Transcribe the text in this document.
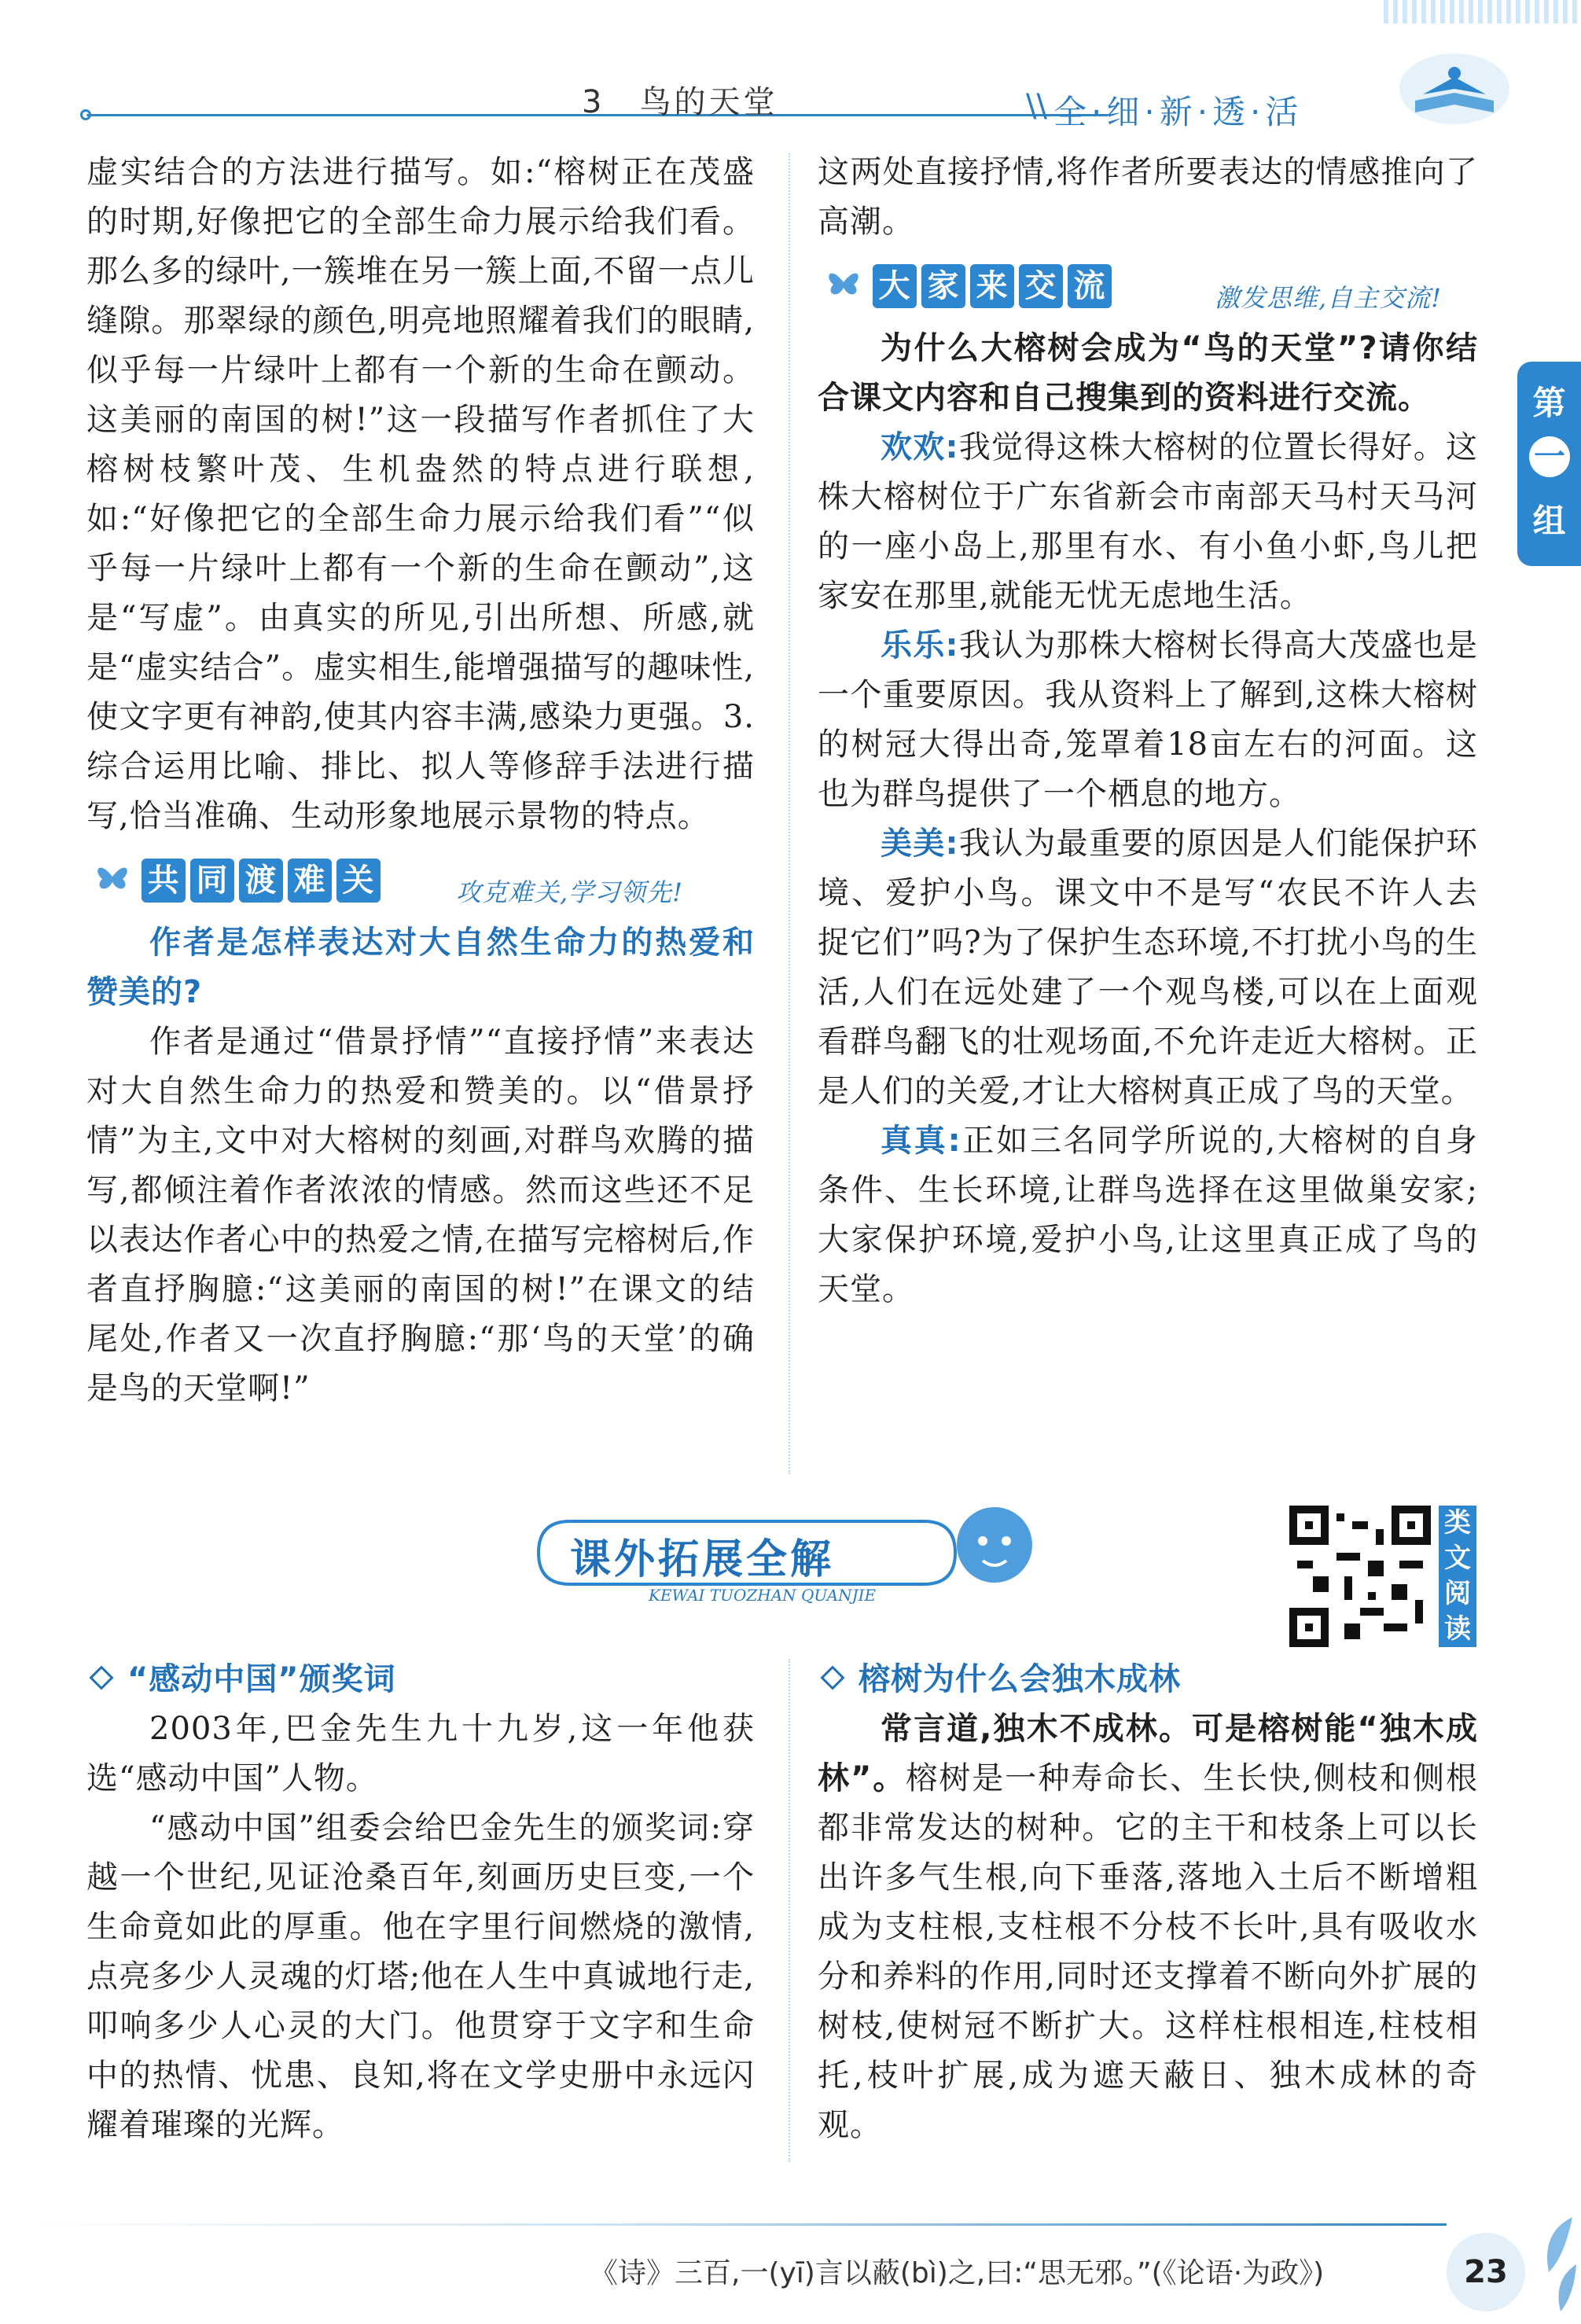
3　鸟的天堂	\\ 全·细·新·透·活
第
一
组

虚实结合的方法进行描写。如:“榕树正在茂盛的时期,好像把它的全部生命力展示给我们看。那么多的绿叶,一簇堆在另一簇上面,不留一点儿缝隙。那翠绿的颜色,明亮地照耀着我们的眼睛,似乎每一片绿叶上都有一个新的生命在颤动。这美丽的南国的树!”这一段描写作者抓住了大榕树枝繁叶茂、生机盎然的特点进行联想,如:“好像把它的全部生命力展示给我们看”“似乎每一片绿叶上都有一个新的生命在颤动”,这是“写虚”。由真实的所见,引出所想、所感,就是“虚实结合”。虚实相生,能增强描写的趣味性,使文字更有神韵,使其内容丰满,感染力更强。3.综合运用比喻、排比、拟人等修辞手法进行描写,恰当准确、生动形象地展示景物的特点。

共 同 渡 难 关	攻克难关,学习领先!

作者是怎样表达对大自然生命力的热爱和赞美的?

作者是通过“借景抒情”“直接抒情”来表达对大自然生命力的热爱和赞美的。以“借景抒情”为主,文中对大榕树的刻画,对群鸟欢腾的描写,都倾注着作者浓浓的情感。然而这些还不足以表达作者心中的热爱之情,在描写完榕树后,作者直抒胸臆:“这美丽的南国的树!”在课文的结尾处,作者又一次直抒胸臆:“那‘鸟的天堂’的确是鸟的天堂啊!”

这两处直接抒情,将作者所要表达的情感推向了高潮。

大 家 来 交 流	激发思维,自主交流!

为什么大榕树会成为“鸟的天堂”?请你结合课文内容和自己搜集到的资料进行交流。

欢欢:我觉得这株大榕树的位置长得好。这株大榕树位于广东省新会市南部天马村天马河的一座小岛上,那里有水、有小鱼小虾,鸟儿把家安在那里,就能无忧无虑地生活。

乐乐:我认为那株大榕树长得高大茂盛也是一个重要原因。我从资料上了解到,这株大榕树的树冠大得出奇,笼罩着18亩左右的河面。这也为群鸟提供了一个栖息的地方。

美美:我认为最重要的原因是人们能保护环境、爱护小鸟。课文中不是写“农民不许人去捉它们”吗?为了保护生态环境,不打扰小鸟的生活,人们在远处建了一个观鸟楼,可以在上面观看群鸟翻飞的壮观场面,不允许走近大榕树。正是人们的关爱,才让大榕树真正成了鸟的天堂。

真真:正如三名同学所说的,大榕树的自身条件、生长环境,让群鸟选择在这里做巢安家;大家保护环境,爱护小鸟,让这里真正成了鸟的天堂。

课外拓展全解
KEWAI TUOZHAN QUANJIE
类
文
阅
读
“感动中国”颁奖词

2003年,巴金先生九十九岁,这一年他获选“感动中国”人物。

“感动中国”组委会给巴金先生的颁奖词:穿越一个世纪,见证沧桑百年,刻画历史巨变,一个生命竟如此的厚重。他在字里行间燃烧的激情,点亮多少人灵魂的灯塔;他在人生中真诚地行走,叩响多少人心灵的大门。他贯穿于文字和生命中的热情、忧患、良知,将在文学史册中永远闪耀着璀璨的光辉。

榕树为什么会独木成林

常言道,独木不成林。可是榕树能“独木成林”。榕树是一种寿命长、生长快,侧枝和侧根都非常发达的树种。它的主干和枝条上可以长出许多气生根,向下垂落,落地入土后不断增粗成为支柱根,支柱根不分枝不长叶,具有吸收水分和养料的作用,同时还支撑着不断向外扩展的树枝,使树冠不断扩大。这样柱根相连,柱枝相托,枝叶扩展,成为遮天蔽日、独木成林的奇观。

《诗》三百,一(yī)言以蔽(bì)之,曰:“思无邪。”(《论语·为政》)	23
